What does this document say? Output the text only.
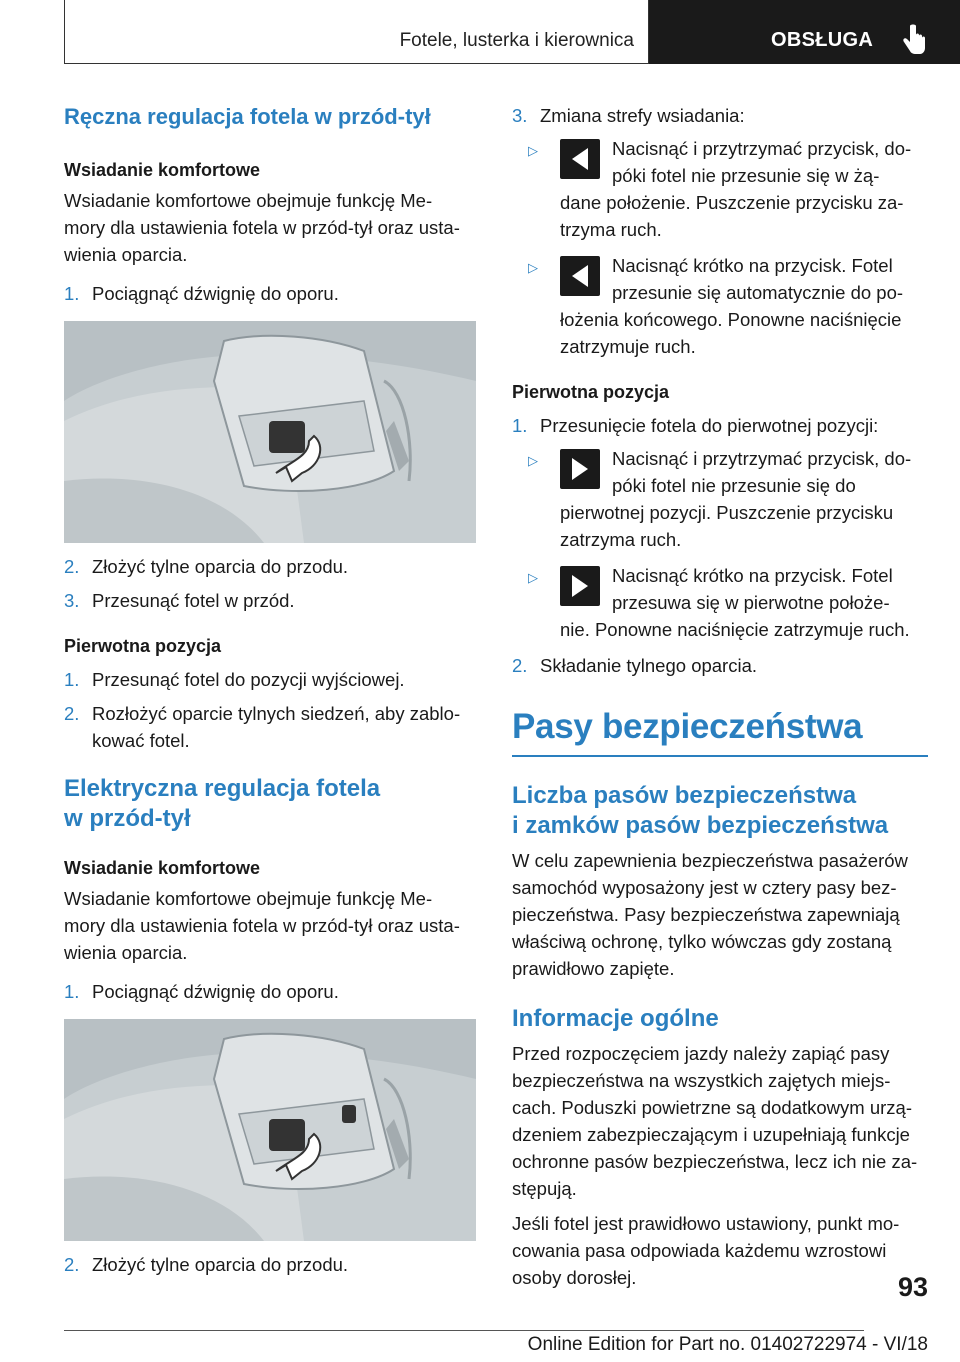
Fotele, lusterka i kierownica	OBSŁUGA
Ręczna regulacja fotela w przód-tył
Wsiadanie komfortowe

Wsiadanie komfortowe obejmuje funkcję Me-
mory dla ustawienia fotela w przód-tył oraz usta-
wienia oparcia.

1. Pociągnąć dźwignię do oporu.
2. Złożyć tylne oparcia do przodu.
3. Przesunąć fotel w przód.
Pierwotna pozycja
1. Przesunąć fotel do pozycji wyjściowej.
2. Rozłożyć oparcie tylnych siedzeń, aby zablo-
kować fotel.
Elektryczna regulacja fotela
w przód-tył
Wsiadanie komfortowe

Wsiadanie komfortowe obejmuje funkcję Me-
mory dla ustawienia fotela w przód-tył oraz usta-
wienia oparcia.

1. Pociągnąć dźwignię do oporu.
2. Złożyć tylne oparcia do przodu.
3. Zmiana strefy wsiadania:
▷	Nacisnąć i przytrzymać przycisk, do-
póki fotel nie przesunie się w żą-
dane położenie. Puszczenie przycisku za-
trzyma ruch.
▷	Nacisnąć krótko na przycisk. Fotel
przesunie się automatycznie do po-
łożenia końcowego. Ponowne naciśnięcie
zatrzymuje ruch.
Pierwotna pozycja
1. Przesunięcie fotela do pierwotnej pozycji:
▷	Nacisnąć i przytrzymać przycisk, do-
póki fotel nie przesunie się do
pierwotnej pozycji. Puszczenie przycisku
zatrzyma ruch.
▷	Nacisnąć krótko na przycisk. Fotel
przesuwa się w pierwotne położe-
nie. Ponowne naciśnięcie zatrzymuje ruch.
2. Składanie tylnego oparcia.
Pasy bezpieczeństwa
Liczba pasów bezpieczeństwa
i zamków pasów bezpieczeństwa

W celu zapewnienia bezpieczeństwa pasażerów
samochód wyposażony jest w cztery pasy bez-
pieczeństwa. Pasy bezpieczeństwa zapewniają
właściwą ochronę, tylko wówczas gdy zostaną
prawidłowo zapięte.

Informacje ogólne

Przed rozpoczęciem jazdy należy zapiąć pasy
bezpieczeństwa na wszystkich zajętych miejs-
cach. Poduszki powietrzne są dodatkowym urzą-
dzeniem zabezpieczającym i uzupełniają funkcje
ochronne pasów bezpieczeństwa, lecz ich nie za-
stępują.

Jeśli fotel jest prawidłowo ustawiony, punkt mo-
cowania pasa odpowiada każdemu wzrostowi
osoby dorosłej.	93
Online Edition for Part no. 01402722974 - VI/18
